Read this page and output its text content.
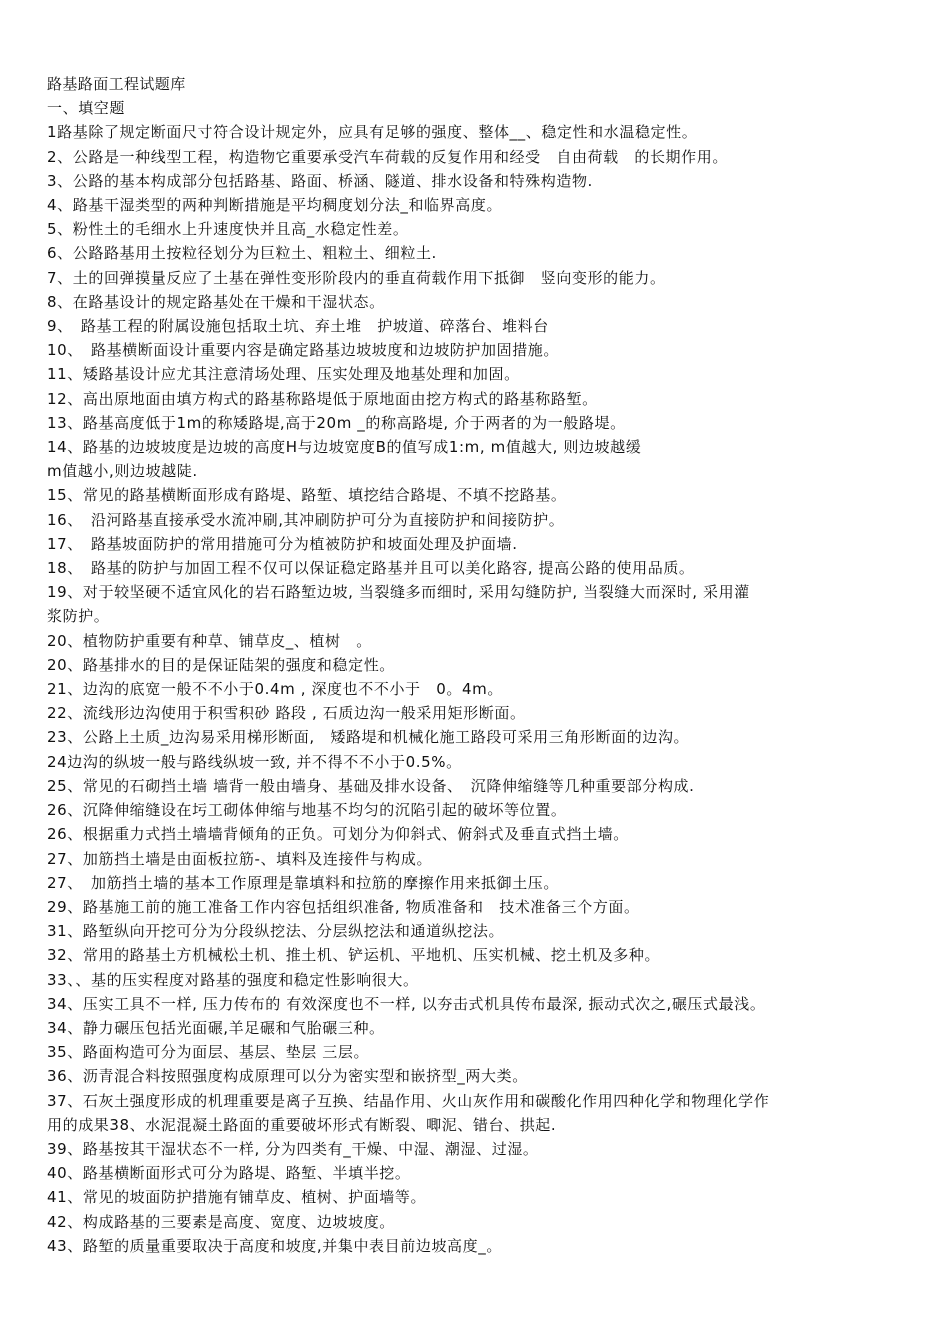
路基路面工程试题库
一、填空题
1路基除了规定断面尺寸符合设计规定外，应具有足够的强度、整体__、稳定性和水温稳定性。
2、公路是一种线型工程，构造物它重要承受汽车荷载的反复作用和经受　自由荷载　的长期作用。
3、公路的基本构成部分包括路基、路面、桥涵、隧道、排水设备和特殊构造物.
4、路基干湿类型的两种判断措施是平均稠度划分法_和临界高度。
5、粉性土的毛细水上升速度快并且高_水稳定性差。
6、公路路基用土按粒径划分为巨粒土、粗粒土、细粒土.
7、土的回弹摸量反应了土基在弹性变形阶段内的垂直荷载作用下抵御　竖向变形的能力。
8、在路基设计的规定路基处在干燥和干湿状态。
9、　路基工程的附属设施包括取土坑、弃土堆　护坡道、碎落台、堆料台
10、　路基横断面设计重要内容是确定路基边坡坡度和边坡防护加固措施。
11、矮路基设计应尤其注意清场处理、压实处理及地基处理和加固。
12、高出原地面由填方构式的路基称路堤低于原地面由挖方构式的路基称路堑。
13、路基高度低于1m的称矮路堤,高于20m _的称高路堤, 介于两者的为一般路堤。
14、路基的边坡坡度是边坡的高度H与边坡宽度B的值写成1:m, m值越大, 则边坡越缓
m值越小,则边坡越陡.
15、常见的路基横断面形成有路堤、路堑、填挖结合路堤、不填不挖路基。
16、　沿河路基直接承受水流冲刷,其冲刷防护可分为直接防护和间接防护。
17、　路基坡面防护的常用措施可分为植被防护和坡面处理及护面墙.
18、　路基的防护与加固工程不仅可以保证稳定路基并且可以美化路容, 提高公路的使用品质。
19、对于较坚硬不适宜风化的岩石路堑边坡, 当裂缝多而细时, 采用勾缝防护, 当裂缝大而深时, 采用灌
浆防护。
20、植物防护重要有种草、铺草皮_、植树　。
20、路基排水的目的是保证陆架的强度和稳定性。
21、边沟的底宽一般不不小于0.4m , 深度也不不小于　0。4m。
22、流线形边沟使用于积雪积砂 路段 , 石质边沟一般采用矩形断面。
23、公路上土质_边沟易采用梯形断面,　矮路堤和机械化施工路段可采用三角形断面的边沟。
24边沟的纵坡一般与路线纵坡一致, 并不得不不小于0.5%。
25、常见的石砌挡土墙 墙背一般由墙身、基础及排水设备、　沉降伸缩缝等几种重要部分构成.
26、沉降伸缩缝设在圬工砌体伸缩与地基不均匀的沉陷引起的破坏等位置。
26、根据重力式挡土墙墙背倾角的正负。可划分为仰斜式、俯斜式及垂直式挡土墙。
27、加筋挡土墙是由面板拉筋-、填料及连接件与构成。
27、　加筋挡土墙的基本工作原理是靠填料和拉筋的摩擦作用来抵御土压。
29、路基施工前的施工准备工作内容包括组织准备, 物质准备和　技术准备三个方面。
31、路堑纵向开挖可分为分段纵挖法、分层纵挖法和通道纵挖法。
32、常用的路基土方机械松土机、推土机、铲运机、平地机、压实机械、挖土机及多种。
33、、基的压实程度对路基的强度和稳定性影响很大。
34、压实工具不一样, 压力传布的 有效深度也不一样, 以夯击式机具传布最深, 振动式次之,碾压式最浅。
34、静力碾压包括光面碾,羊足碾和气胎碾三种。
35、路面构造可分为面层、基层、垫层 三层。
36、沥青混合料按照强度构成原理可以分为密实型和嵌挤型_两大类。
37、石灰土强度形成的机理重要是离子互换、结晶作用、火山灰作用和碳酸化作用四种化学和物理化学作
用的成果38、水泥混凝土路面的重要破坏形式有断裂、唧泥、错台、拱起.
39、路基按其干湿状态不一样, 分为四类有_干燥、中湿、潮湿、过湿。
40、路基横断面形式可分为路堤、路堑、半填半挖。
41、常见的坡面防护措施有铺草皮、植树、护面墙等。
42、构成路基的三要素是高度、宽度、边坡坡度。
43、路堑的质量重要取决于高度和坡度,并集中表目前边坡高度_。
